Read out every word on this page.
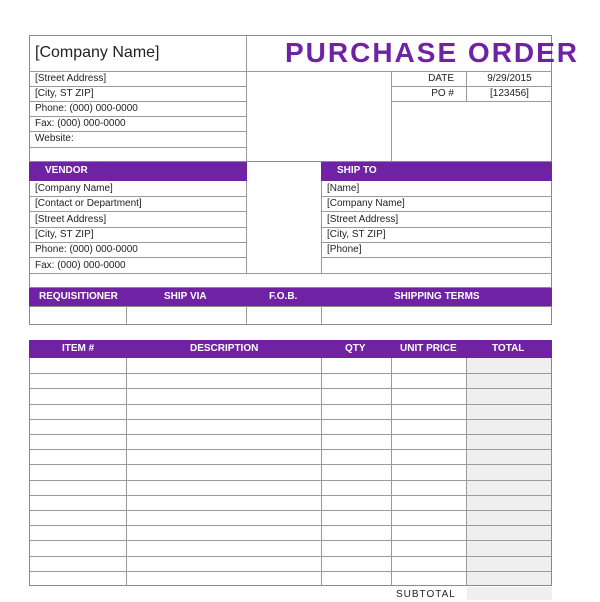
[Company Name]	PURCHASE ORDER
[Street Address]
[City, ST ZIP]
Phone: (000) 000-0000
Fax: (000) 000-0000
Website:
DATE	9/29/2015
PO #	[123456]
VENDOR	SHIP TO
[Company Name]
[Contact or Department]
[Street Address]
[City, ST ZIP]
Phone: (000) 000-0000
Fax: (000) 000-0000
[Name]
[Company Name]
[Street Address]
[City, ST ZIP]
[Phone]
REQUISITIONER	SHIP VIA	F.O.B.	SHIPPING TERMS
ITEM #	DESCRIPTION	QTY	UNIT PRICE	TOTAL
SUBTOTAL
